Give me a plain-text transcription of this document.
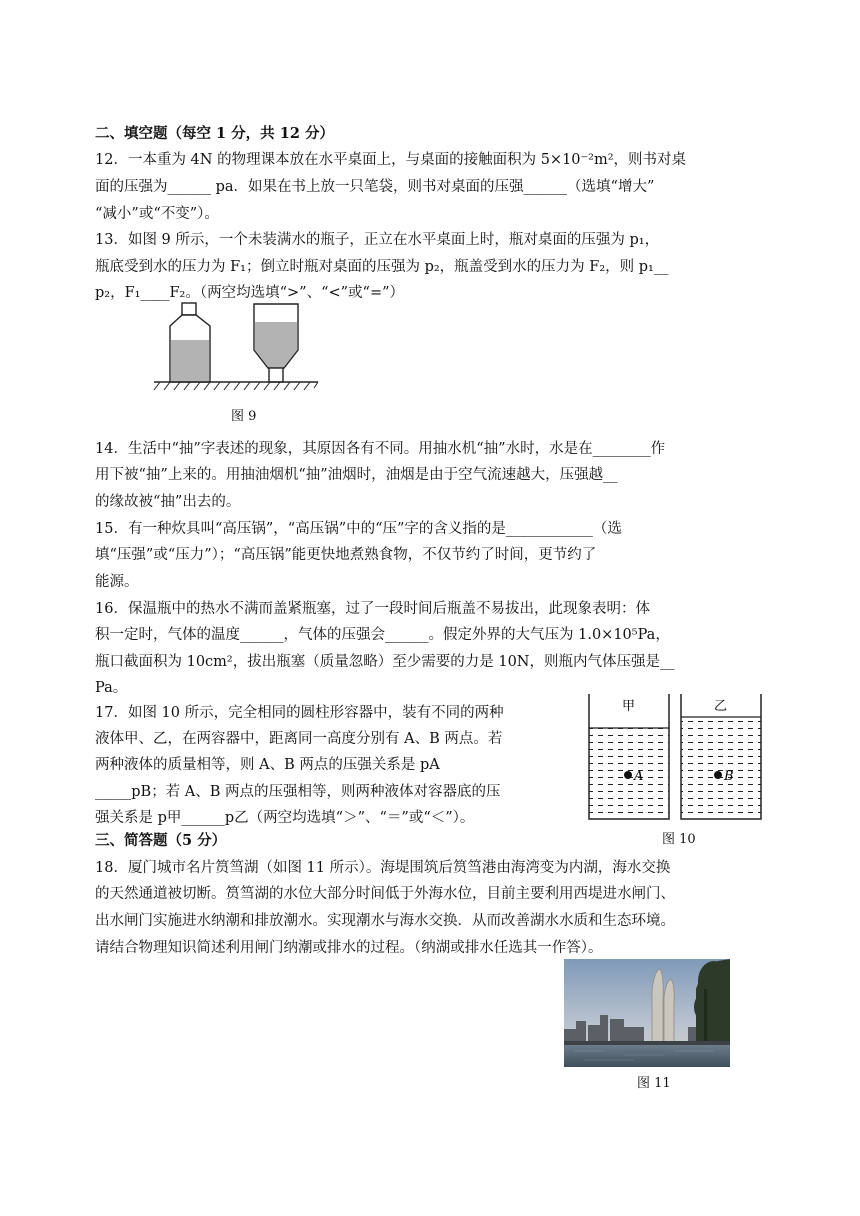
二、填空题（每空 1 分，共 12 分）
12．一本重为 4N 的物理课本放在水平桌面上，与桌面的接触面积为 5×10⁻²m²，则书对桌
面的压强为______ pa．如果在书上放一只笔袋，则书对桌面的压强______（选填“增大”
“减小”或“不变”）。
13．如图 9 所示，一个未装满水的瓶子，正立在水平桌面上时，瓶对桌面的压强为 p₁，
瓶底受到水的压力为 F₁；倒立时瓶对桌面的压强为 p₂，瓶盖受到水的压力为 F₂，则 p₁__
p₂，F₁____F₂。（两空均选填“>”、“<”或“=”）
图 9
14．生活中“抽”字表述的现象，其原因各有不同。用抽水机“抽”水时，水是在________作
用下被“抽”上来的。用抽油烟机“抽”油烟时，油烟是由于空气流速越大，压强越__
的缘故被“抽”出去的。
15．有一种炊具叫“高压锅”，“高压锅”中的“压”字的含义指的是____________（选
填“压强”或“压力”）；“高压锅”能更快地煮熟食物，不仅节约了时间，更节约了
能源。
16．保温瓶中的热水不满而盖紧瓶塞，过了一段时间后瓶盖不易拔出，此现象表明：体
积一定时，气体的温度______，气体的压强会______。假定外界的大气压为 1.0×10⁵Pa，
瓶口截面积为 10cm²，拔出瓶塞（质量忽略）至少需要的力是 10N，则瓶内气体压强是__
Pa。
17．如图 10 所示，完全相同的圆柱形容器中，装有不同的两种
液体甲、乙，在两容器中，距离同一高度分别有 A、B 两点。若
两种液体的质量相等，则 A、B 两点的压强关系是 pA
_____pB；若 A、B 两点的压强相等，则两种液体对容器底的压
强关系是 p甲______p乙（两空均选填“＞”、“＝”或“＜”）。
甲
A
乙
B
图 10
三、简答题（5 分）
18．厦门城市名片筼筜湖（如图 11 所示）。海堤围筑后筼筜港由海湾变为内湖，海水交换
的天然通道被切断。筼筜湖的水位大部分时间低于外海水位，目前主要利用西堤进水闸门、
出水闸门实施进水纳潮和排放潮水。实现潮水与海水交换．从而改善湖水水质和生态环境。
请结合物理知识简述利用闸门纳潮或排水的过程。（纳湖或排水任选其一作答）。
图 11
